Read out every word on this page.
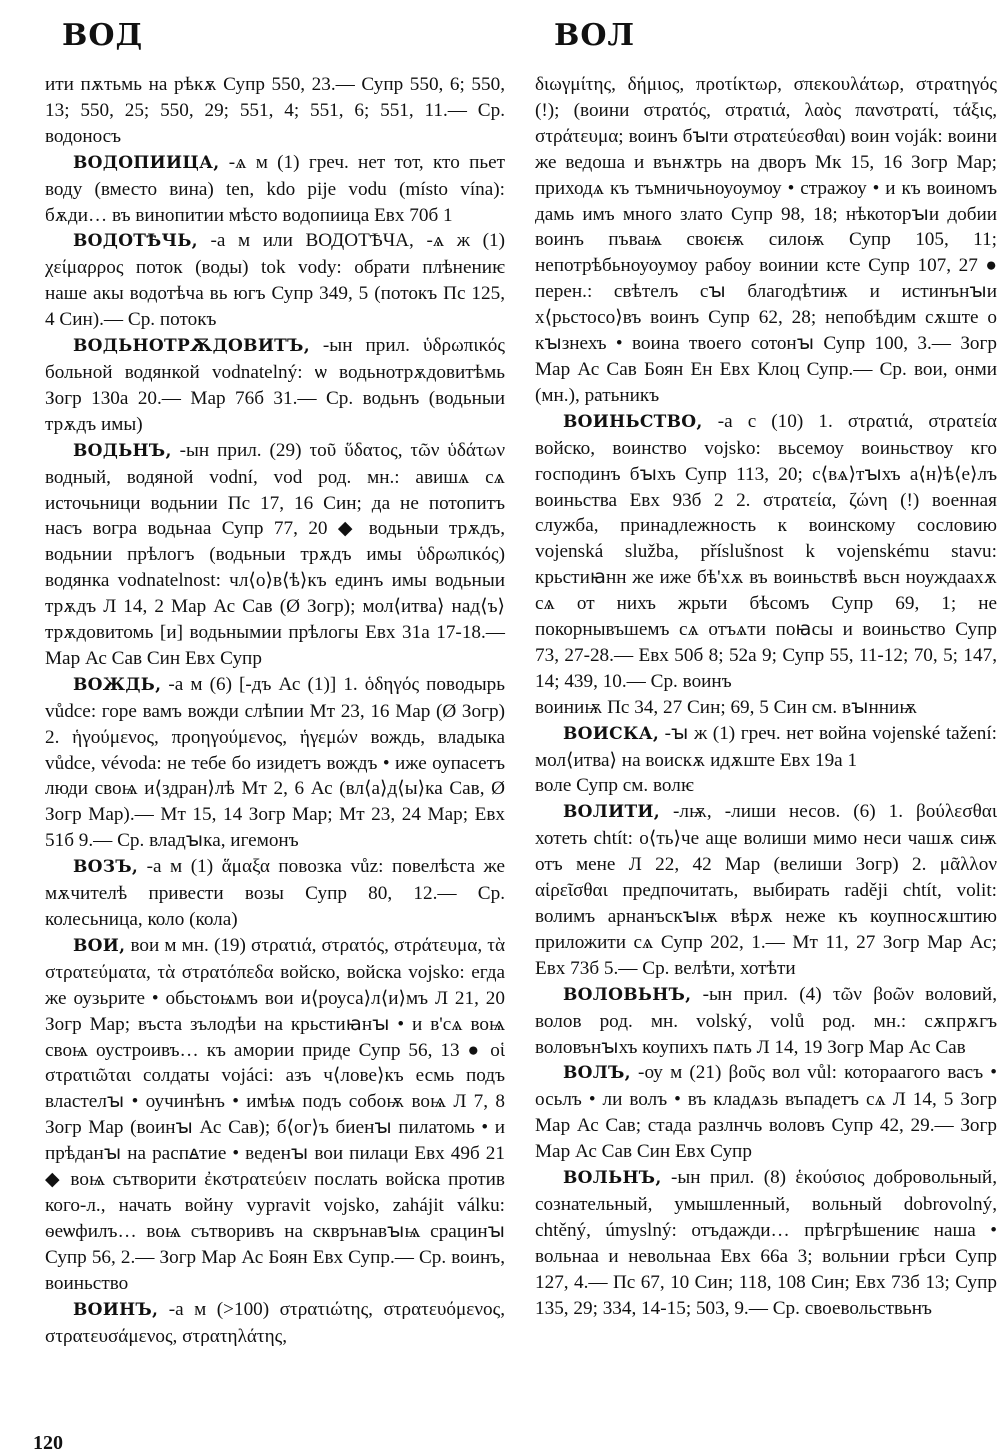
ВОД	ВОЛ

ити пѫтьмь на рѣкѫ Супр 550, 23.— Супр 550, 6; 550, 13; 550, 25; 550, 29; 551, 4; 551, 6; 551, 11.— Ср. водоносъ

ВОДОПИИЦА, -ѧ м (1) греч. нет тот, кто пьет воду (вместо вина) ten, kdo pije vodu (místo vína): бѫди… въ винопитии мѣсто водопиица Евх 70б 1

ВОДОТѢЧЬ, -а м или ВОДОТѢЧА, -ѧ ж (1) χείμαρρος поток (воды) tok vody: обрати плѣнениѥ наше акы водотѣча вь югъ Супр 349, 5 (потокъ Пс 125, 4 Син).— Ср. потокъ

ВОДЬНОТРѪДОВИТЪ, -ын прил. ὑδρωπικός больной водянкой vodnatelný: ѡ водьнотрѫдовитѣмь Зогр 130а 20.— Мар 76б 31.— Ср. водьнъ (водьныи трѫдъ имы)

ВОДЬНЪ, -ын прил. (29) τοῦ ὕδατος, τῶν ὑδάτων водный, водяной vodní, vod род. мн.: авишѧ сѧ источьници водьнии Пс 17, 16 Син; да не потопитъ насъ вогра водьнаа Супр 77, 20 ◆ водьныи трѫдъ, водьнии прѣлогъ (водьныи трѫдъ имы ὑδρωπικός) водянка vodnatelnost: чл⟨о⟩в⟨ѣ⟩къ единъ имы водьныи трѫдъ Л 14, 2 Мар Ас Сав (Ø Зогр); мол⟨итва⟩ над⟨ъ⟩ трѫдовитомь [и] водьнымии прѣлогы Евх 31а 17-18.— Мар Ас Сав Син Евх Супр

ВОЖДЬ, -а м (6) [-дъ Ас (1)] 1. ὁδηγός поводырь vůdce: горе вамъ вожди слѣпии Мт 23, 16 Мар (Ø Зогр) 2. ἡγούμενος, προηγούμενος, ἡγεμών вождь, владыка vůdce, vévoda: не тебе бо изидетъ вождъ • иже оупасетъ люди своѩ и⟨здран⟩лѣ Мт 2, 6 Ас (вл⟨а⟩д⟨ы⟩ка Сав, Ø Зогр Мар).— Мт 15, 14 Зогр Мар; Мт 23, 24 Мар; Евх 51б 9.— Ср. владꙑка, игемонъ

ВОЗЪ, -а м (1) ἅμαξα повозка vůz: повелѣста же мѫчителѣ привести возы Супр 80, 12.— Ср. колесьница, коло (кола)

ВОИ, вои м мн. (19) στρατιά, στρατός, στράτευμα, τὰ στρατεύματα, τὰ στρατόπεδα войско, войска vojsko: егда же оузьрите • обьстоѩмъ вои и⟨роуса⟩л⟨и⟩мъ Л 21, 20 Зогр Мар; въста зълодѣи на крьстиꙗнꙑ • и в'сѧ воѩ своѩ оустроивъ… къ амории приде Супр 56, 13 ● οἱ στρατιῶται солдаты vojáci: азъ ч⟨лове⟩къ есмь подъ властелꙑ • оучинѣнъ • имѣѩ подъ собоѭ воѩ Л 7, 8 Зогр Мар (воинꙑ Ас Сав); б⟨ог⟩ъ биенꙑ пилатомь • и прѣданꙑ на распꙙтие • веденꙑ вои пилаци Евх 49б 21 ◆ воѩ сътворити ἐκστρατεύειν послать войска против кого-л., начать войну vypravit vojsko, zahájit válku: ѳеѡфилъ… воѩ сътворивъ на скврънавꙑѩ срацинꙑ Супр 56, 2.— Зогр Мар Ас Боян Евх Супр.— Ср. воинъ, воиньство

ВОИНЪ, -а м (>100) στρατιώτης, στρατευόμενος, στρατευσάμενος, στρατηλάτης,

διωγμίτης, δήμιος, προτίκτωρ, σπεκουλάτωρ, στρατηγός (!); (воини στρατός, στρατιά, λαὸς πανστρατί, τάξις, στράτευμα; воинъ бꙑти στρατεύεσθαι) воин voják: воини же ведоша и вънѫтрь на дворъ Мк 15, 16 Зогр Мар; приходѧ къ тъмничьноуоумоу • стражоу • и къ воиномъ дамь имъ много злато Супр 98, 18; нѣкоторꙑи добии воинъ пъваѩ своѥѭ силоѭ Супр 105, 11; непотрѣбьноуоумоу рабоу воинии ксте Супр 107, 27 ● перен.: свѣтелъ сꙑ благодѣтиѭ и истинънꙑи х⟨рьстосо⟩въ воинъ Супр 62, 28; непобѣдим сѫште о кꙑзнехъ • воина твоего сотонꙑ Супр 100, 3.— Зогр Мар Ас Сав Боян Ен Евх Клоц Супр.— Ср. вои, онми (мн.), ратьникъ

ВОИНЬСТВО, -а с (10) 1. στρατιά, στρατεία войско, воинство vojsko: вьсемоу воиньствоу кго господинъ бꙑхъ Супр 113, 20; с⟨вѧ⟩тꙑхъ а⟨н⟩ѣ⟨е⟩лъ воиньства Евх 93б 2 2. στρατεία, ζώνη (!) военная служба, принадлежность к воинскому сословию vojenská služba, příslušnost k vojenskému stavu: крьстиꙗнн же иже бѣ'хѫ въ воиньствѣ вьсн ноуждаахѫ сѧ от нихъ жрьти бѣсомъ Супр 69, 1; не покорнывъшемъ сѧ отъѧти поꙗсы и воиньство Супр 73, 27-28.— Евх 50б 8; 52а 9; Супр 55, 11-12; 70, 5; 147, 14; 439, 10.— Ср. воинъ

воиниѭ Пс 34, 27 Син; 69, 5 Син см. вꙑнниѭ

ВОИСКА, -ꙑ ж (1) греч. нет война vojenské tažení: мол⟨итва⟩ на воискѫ идѫште Евх 19а 1

воле Супр см. волѥ

ВОЛИТИ, -лѭ, -лиши несов. (6) 1. βούλεσθαι хотеть chtít: о⟨ть⟩че аще волиши мимо неси чашѫ сиѭ отъ мене Л 22, 42 Мар (велиши Зогр) 2. μᾶλλον αἱρεῖσθαι предпочитать, выбирать raději chtít, volit: волимъ арнанъскꙑѭ вѣрѫ неже къ коупносѫштию приложити сѧ Супр 202, 1.— Мт 11, 27 Зогр Мар Ас; Евх 73б 5.— Ср. велѣти, хотѣти

ВОЛОВЬНЪ, -ын прил. (4) τῶν βοῶν воловий, волов род. мн. volský, volů род. мн.: сѫпрѫгъ воловънꙑхъ коупихъ пѧть Л 14, 19 Зогр Мар Ас Сав

ВОЛЪ, -оу м (21) βοῦς вол vůl: котораагого васъ • осьлъ • ли волъ • въ кладѧзь въпадетъ сѧ Л 14, 5 Зогр Мар Ас Сав; стада разлнчь воловъ Супр 42, 29.— Зогр Мар Ас Сав Син Евх Супр

ВОЛЬНЪ, -ын прил. (8) ἑκούσιος добровольный, сознательный, умышленный, вольный dobrovolný, chtěný, úmyslný: отъдажди… прѣгрѣшениѥ наша • вольнаа и невольнаа Евх 66а 3; вольнии грѣси Супр 127, 4.— Пс 67, 10 Син; 118, 108 Син; Евх 73б 13; Супр 135, 29; 334, 14-15; 503, 9.— Ср. своевольствьнъ

120
